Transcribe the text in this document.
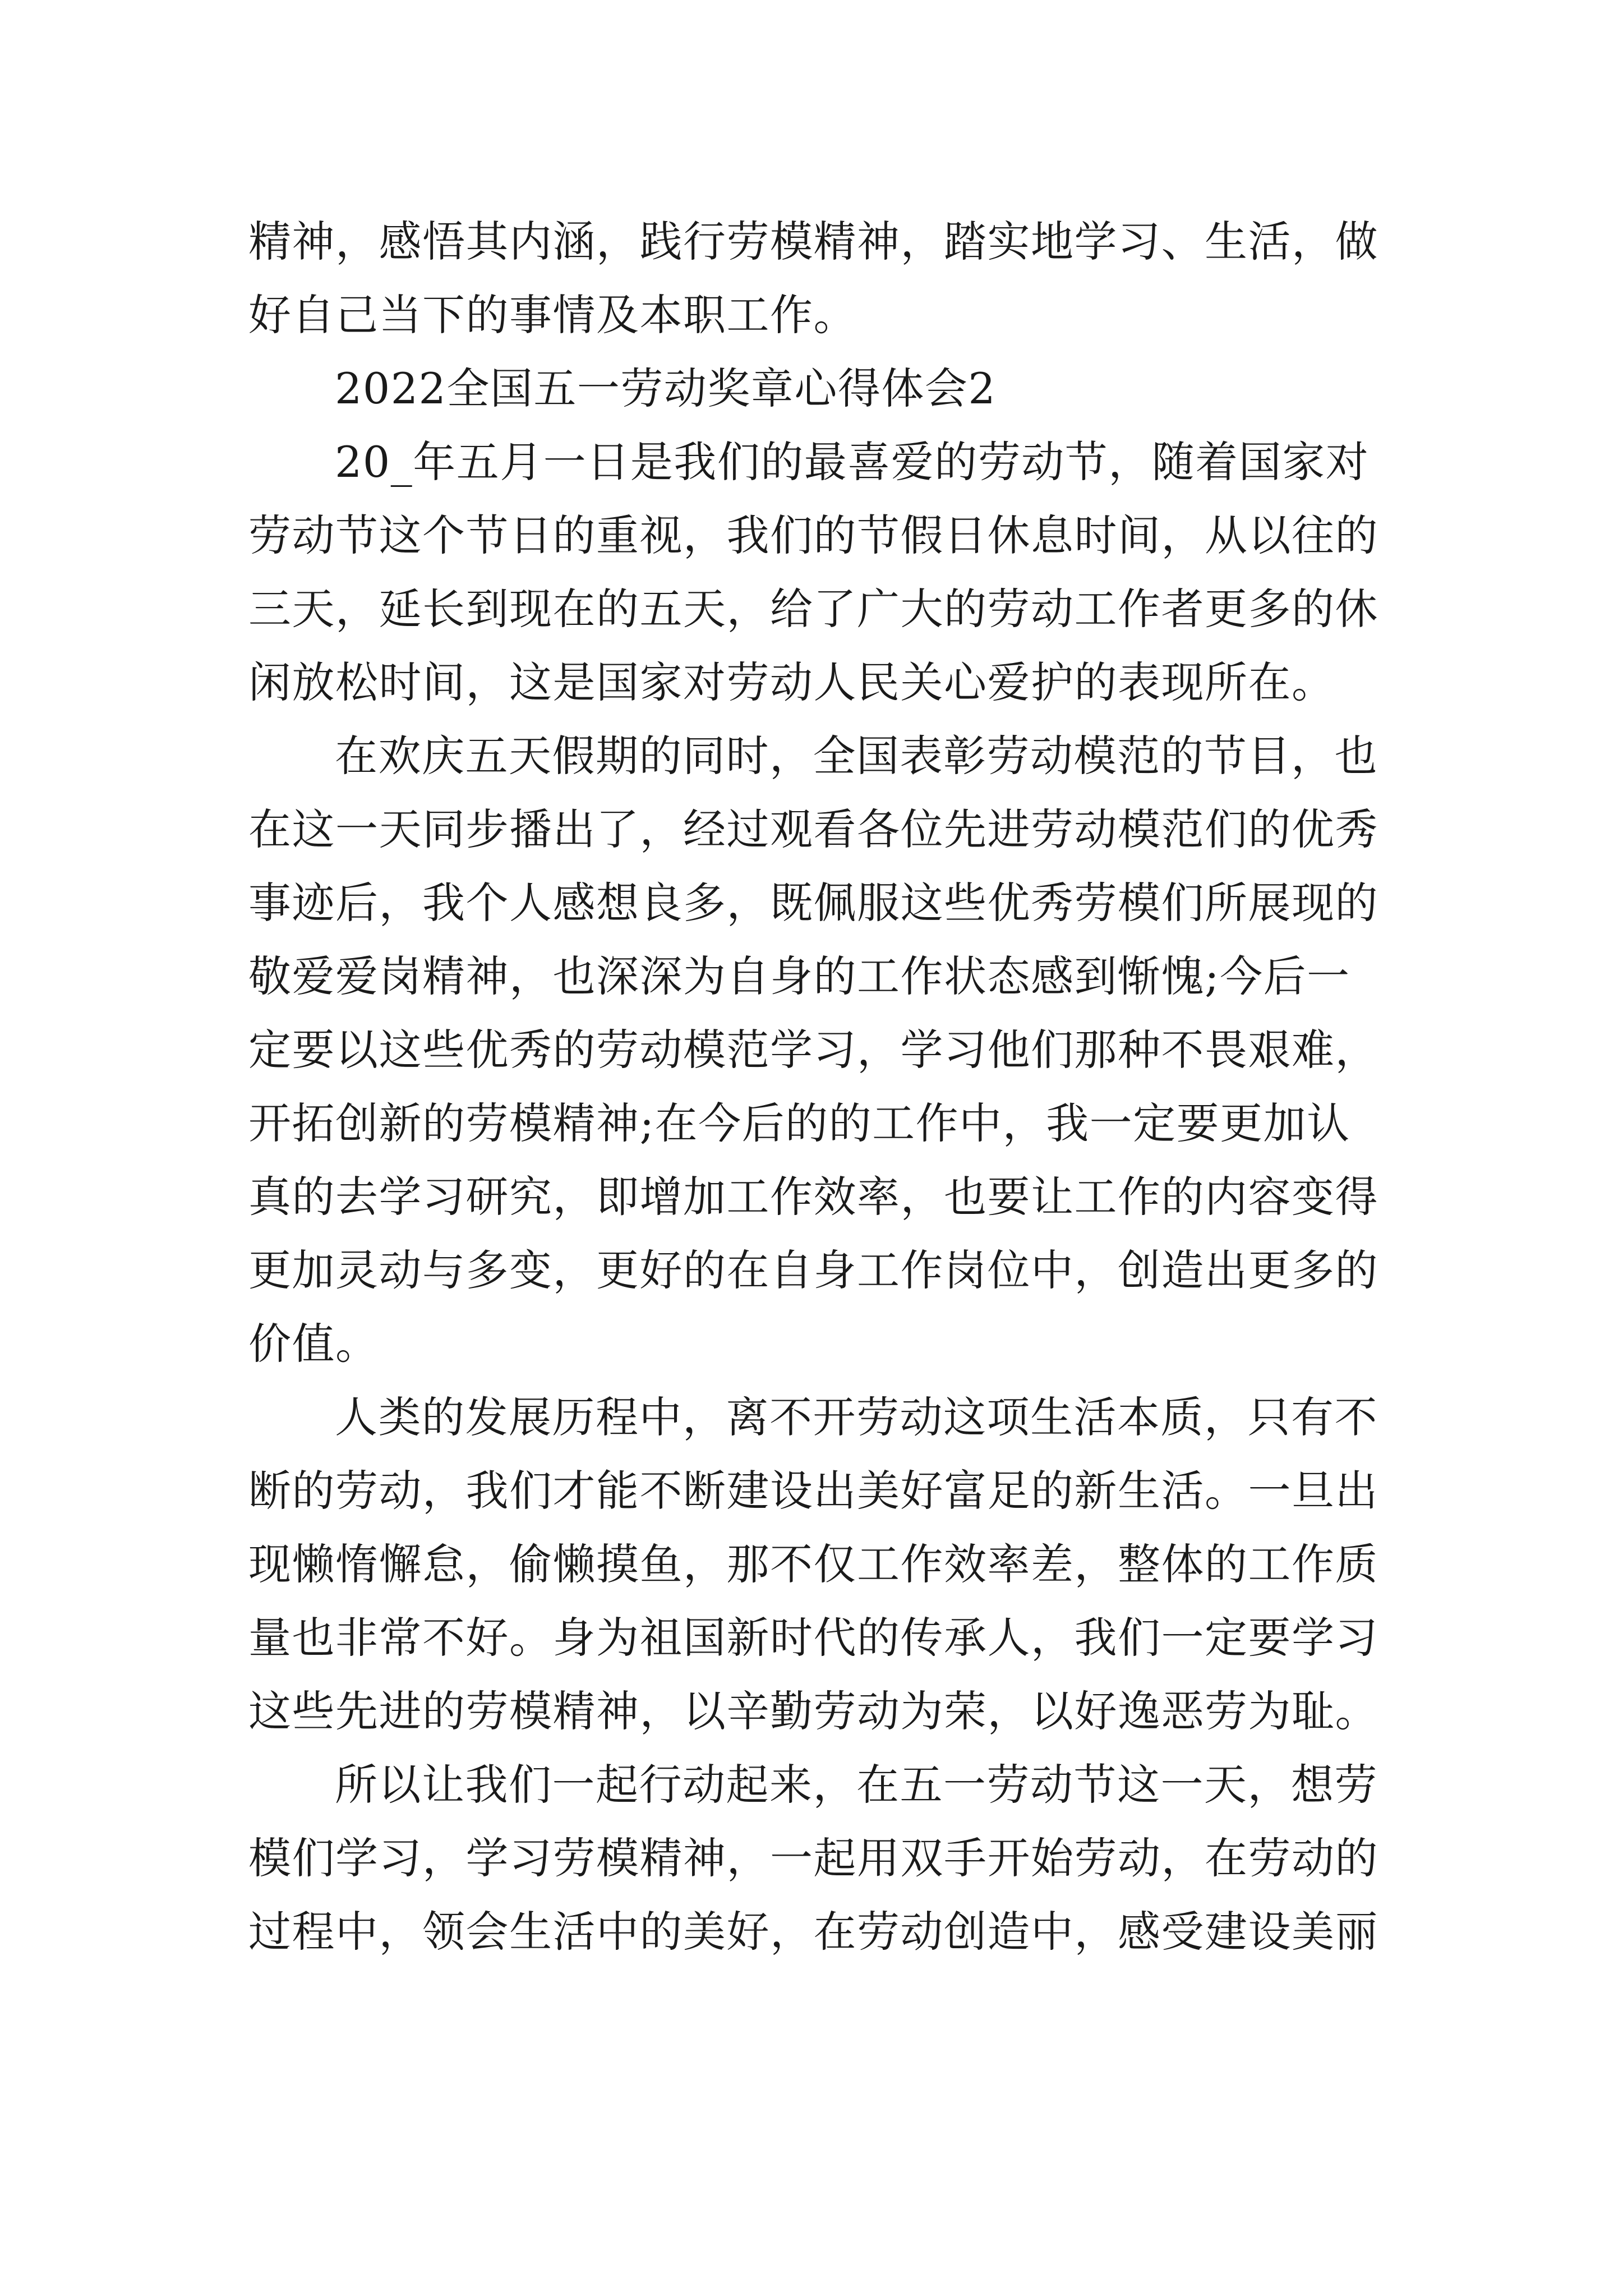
精神，感悟其内涵，践行劳模精神，踏实地学习、生活，做

好自己当下的事情及本职工作。

2022全国五一劳动奖章心得体会2

20_年五月一日是我们的最喜爱的劳动节，随着国家对

劳动节这个节日的重视，我们的节假日休息时间，从以往的

三天，延长到现在的五天，给了广大的劳动工作者更多的休

闲放松时间，这是国家对劳动人民关心爱护的表现所在。

在欢庆五天假期的同时，全国表彰劳动模范的节目，也

在这一天同步播出了，经过观看各位先进劳动模范们的优秀

事迹后，我个人感想良多，既佩服这些优秀劳模们所展现的

敬爱爱岗精神，也深深为自身的工作状态感到惭愧;今后一

定要以这些优秀的劳动模范学习，学习他们那种不畏艰难，

开拓创新的劳模精神;在今后的的工作中，我一定要更加认

真的去学习研究，即增加工作效率，也要让工作的内容变得

更加灵动与多变，更好的在自身工作岗位中，创造出更多的

价值。

人类的发展历程中，离不开劳动这项生活本质，只有不

断的劳动，我们才能不断建设出美好富足的新生活。一旦出

现懒惰懈怠，偷懒摸鱼，那不仅工作效率差，整体的工作质

量也非常不好。身为祖国新时代的传承人，我们一定要学习

这些先进的劳模精神，以辛勤劳动为荣，以好逸恶劳为耻。

所以让我们一起行动起来，在五一劳动节这一天，想劳

模们学习，学习劳模精神，一起用双手开始劳动，在劳动的

过程中，领会生活中的美好，在劳动创造中，感受建设美丽
